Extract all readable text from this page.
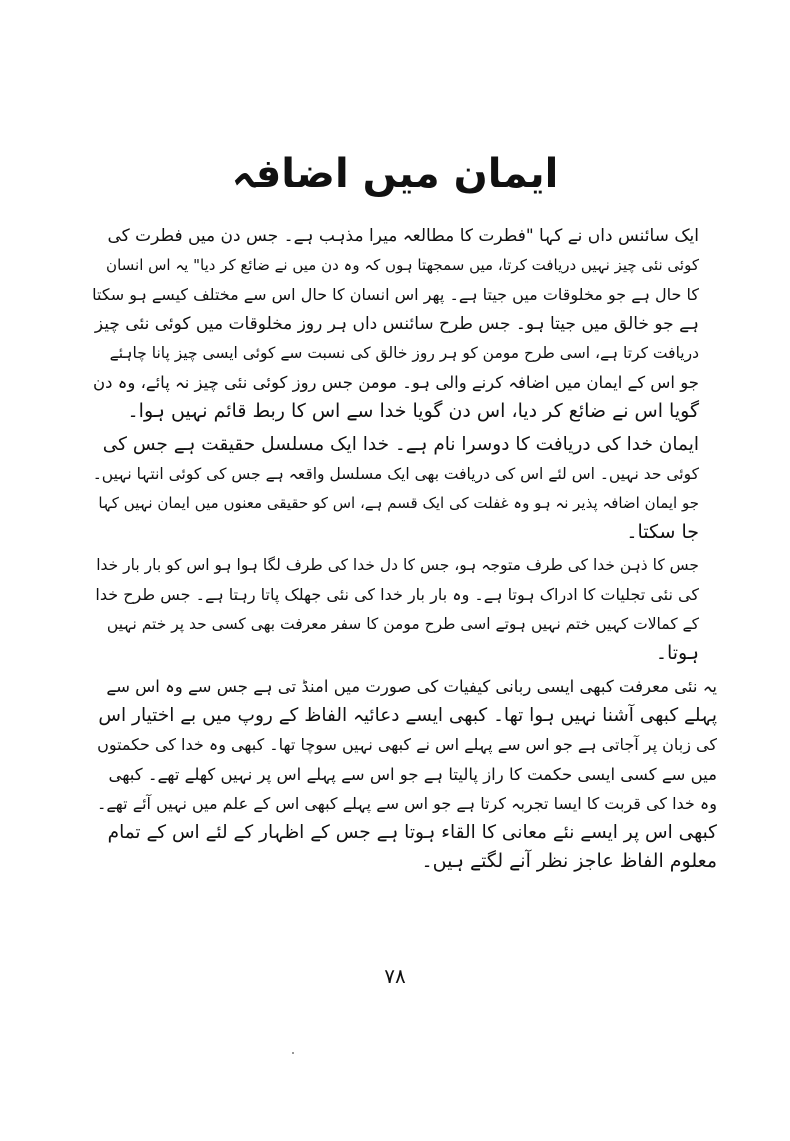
ایمان میں اضافہ

ایک سائنس داں نے کہا "فطرت کا مطالعہ میرا مذہب ہے۔ جس دن میں فطرت کی
کوئی نئی چیز نہیں دریافت کرتا، میں سمجھتا ہوں کہ وہ دن میں نے ضائع کر دیا" یہ اس انسان
کا حال ہے جو مخلوقات میں جیتا ہے۔ پھر اس انسان کا حال اس سے مختلف کیسے ہو سکتا
ہے جو خالق میں جیتا ہو۔ جس طرح سائنس داں ہر روز مخلوقات میں کوئی نئی چیز
دریافت کرتا ہے، اسی طرح مومن کو ہر روز خالق کی نسبت سے کوئی ایسی چیز پانا چاہئے
جو اس کے ایمان میں اضافہ کرنے والی ہو۔ مومن جس روز کوئی نئی چیز نہ پائے، وہ دن
گویا اس نے ضائع کر دیا، اس دن گویا خدا سے اس کا ربط قائم نہیں ہوا۔

ایمان خدا کی دریافت کا دوسرا نام ہے۔ خدا ایک مسلسل حقیقت ہے جس کی
کوئی حد نہیں۔ اس لئے اس کی دریافت بھی ایک مسلسل واقعہ ہے جس کی کوئی انتہا نہیں۔
جو ایمان اضافہ پذیر نہ ہو وہ غفلت کی ایک قسم ہے، اس کو حقیقی معنوں میں ایمان نہیں کہا
جا سکتا۔

جس کا ذہن خدا کی طرف متوجہ ہو، جس کا دل خدا کی طرف لگا ہوا ہو اس کو بار بار خدا
کی نئی تجلیات کا ادراک ہوتا ہے۔ وہ بار بار خدا کی نئی جھلک پاتا رہتا ہے۔ جس طرح خدا
کے کمالات کہیں ختم نہیں ہوتے اسی طرح مومن کا سفر معرفت بھی کسی حد پر ختم نہیں
ہوتا۔

یہ نئی معرفت کبھی ایسی ربانی کیفیات کی صورت میں امنڈ تی ہے جس سے وہ اس سے
پہلے کبھی آشنا نہیں ہوا تھا۔ کبھی ایسے دعائیہ الفاظ کے روپ میں بے اختیار اس
کی زبان پر آجاتی ہے جو اس سے پہلے اس نے کبھی نہیں سوچا تھا۔ کبھی وہ خدا کی حکمتوں
میں سے کسی ایسی حکمت کا راز پالیتا ہے جو اس سے پہلے اس پر نہیں کھلے تھے۔ کبھی
وہ خدا کی قربت کا ایسا تجربہ کرتا ہے جو اس سے پہلے کبھی اس کے علم میں نہیں آئے تھے۔
کبھی اس پر ایسے نئے معانی کا القاء ہوتا ہے جس کے اظہار کے لئے اس کے تمام
معلوم الفاظ عاجز نظر آنے لگتے ہیں۔

۷۸
